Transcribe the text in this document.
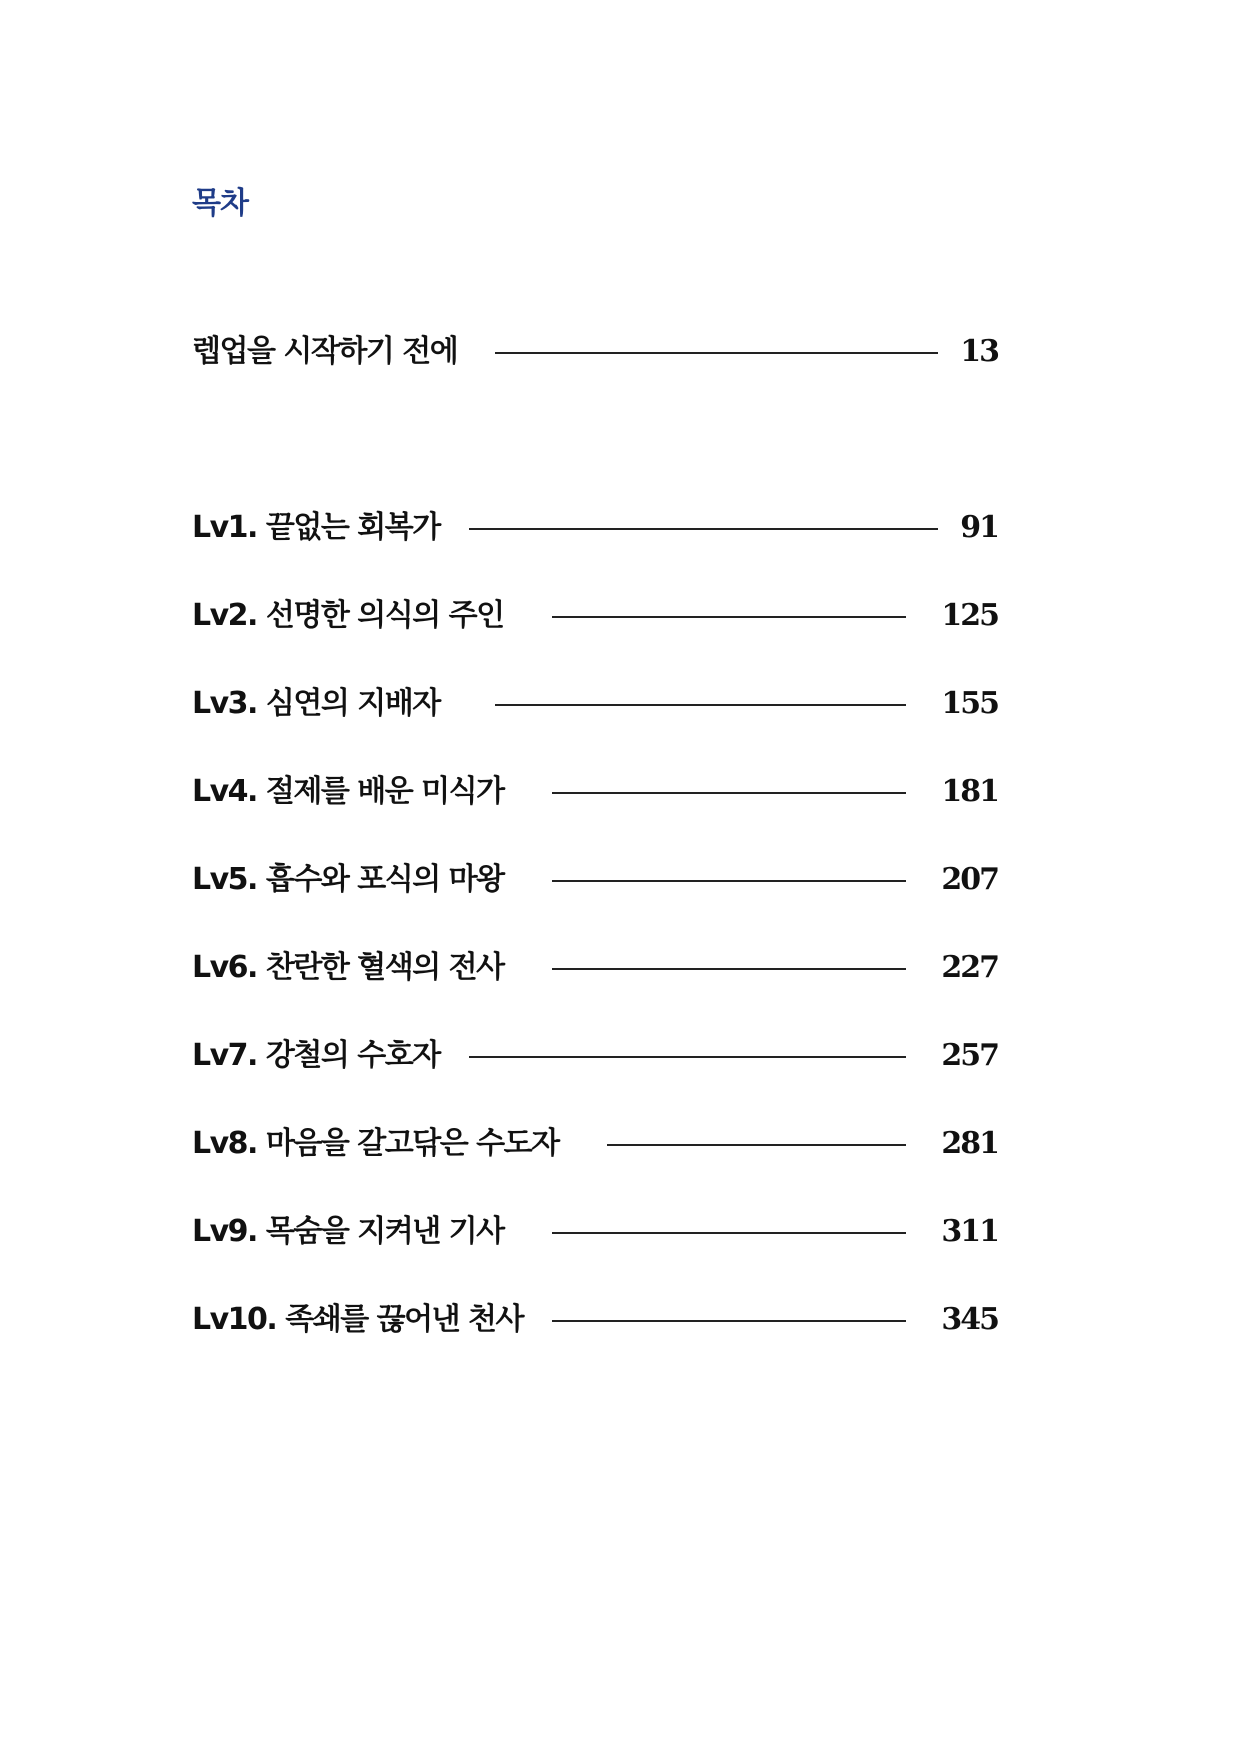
목차
렙업을 시작하기 전에	13
Lv1. 끝없는 회복가	91
Lv2. 선명한 의식의 주인	125
Lv3. 심연의 지배자	155
Lv4. 절제를 배운 미식가	181
Lv5. 흡수와 포식의 마왕	207
Lv6. 찬란한 혈색의 전사	227
Lv7. 강철의 수호자	257
Lv8. 마음을 갈고닦은 수도자	281
Lv9. 목숨을 지켜낸 기사	311
Lv10. 족쇄를 끊어낸 천사	345
